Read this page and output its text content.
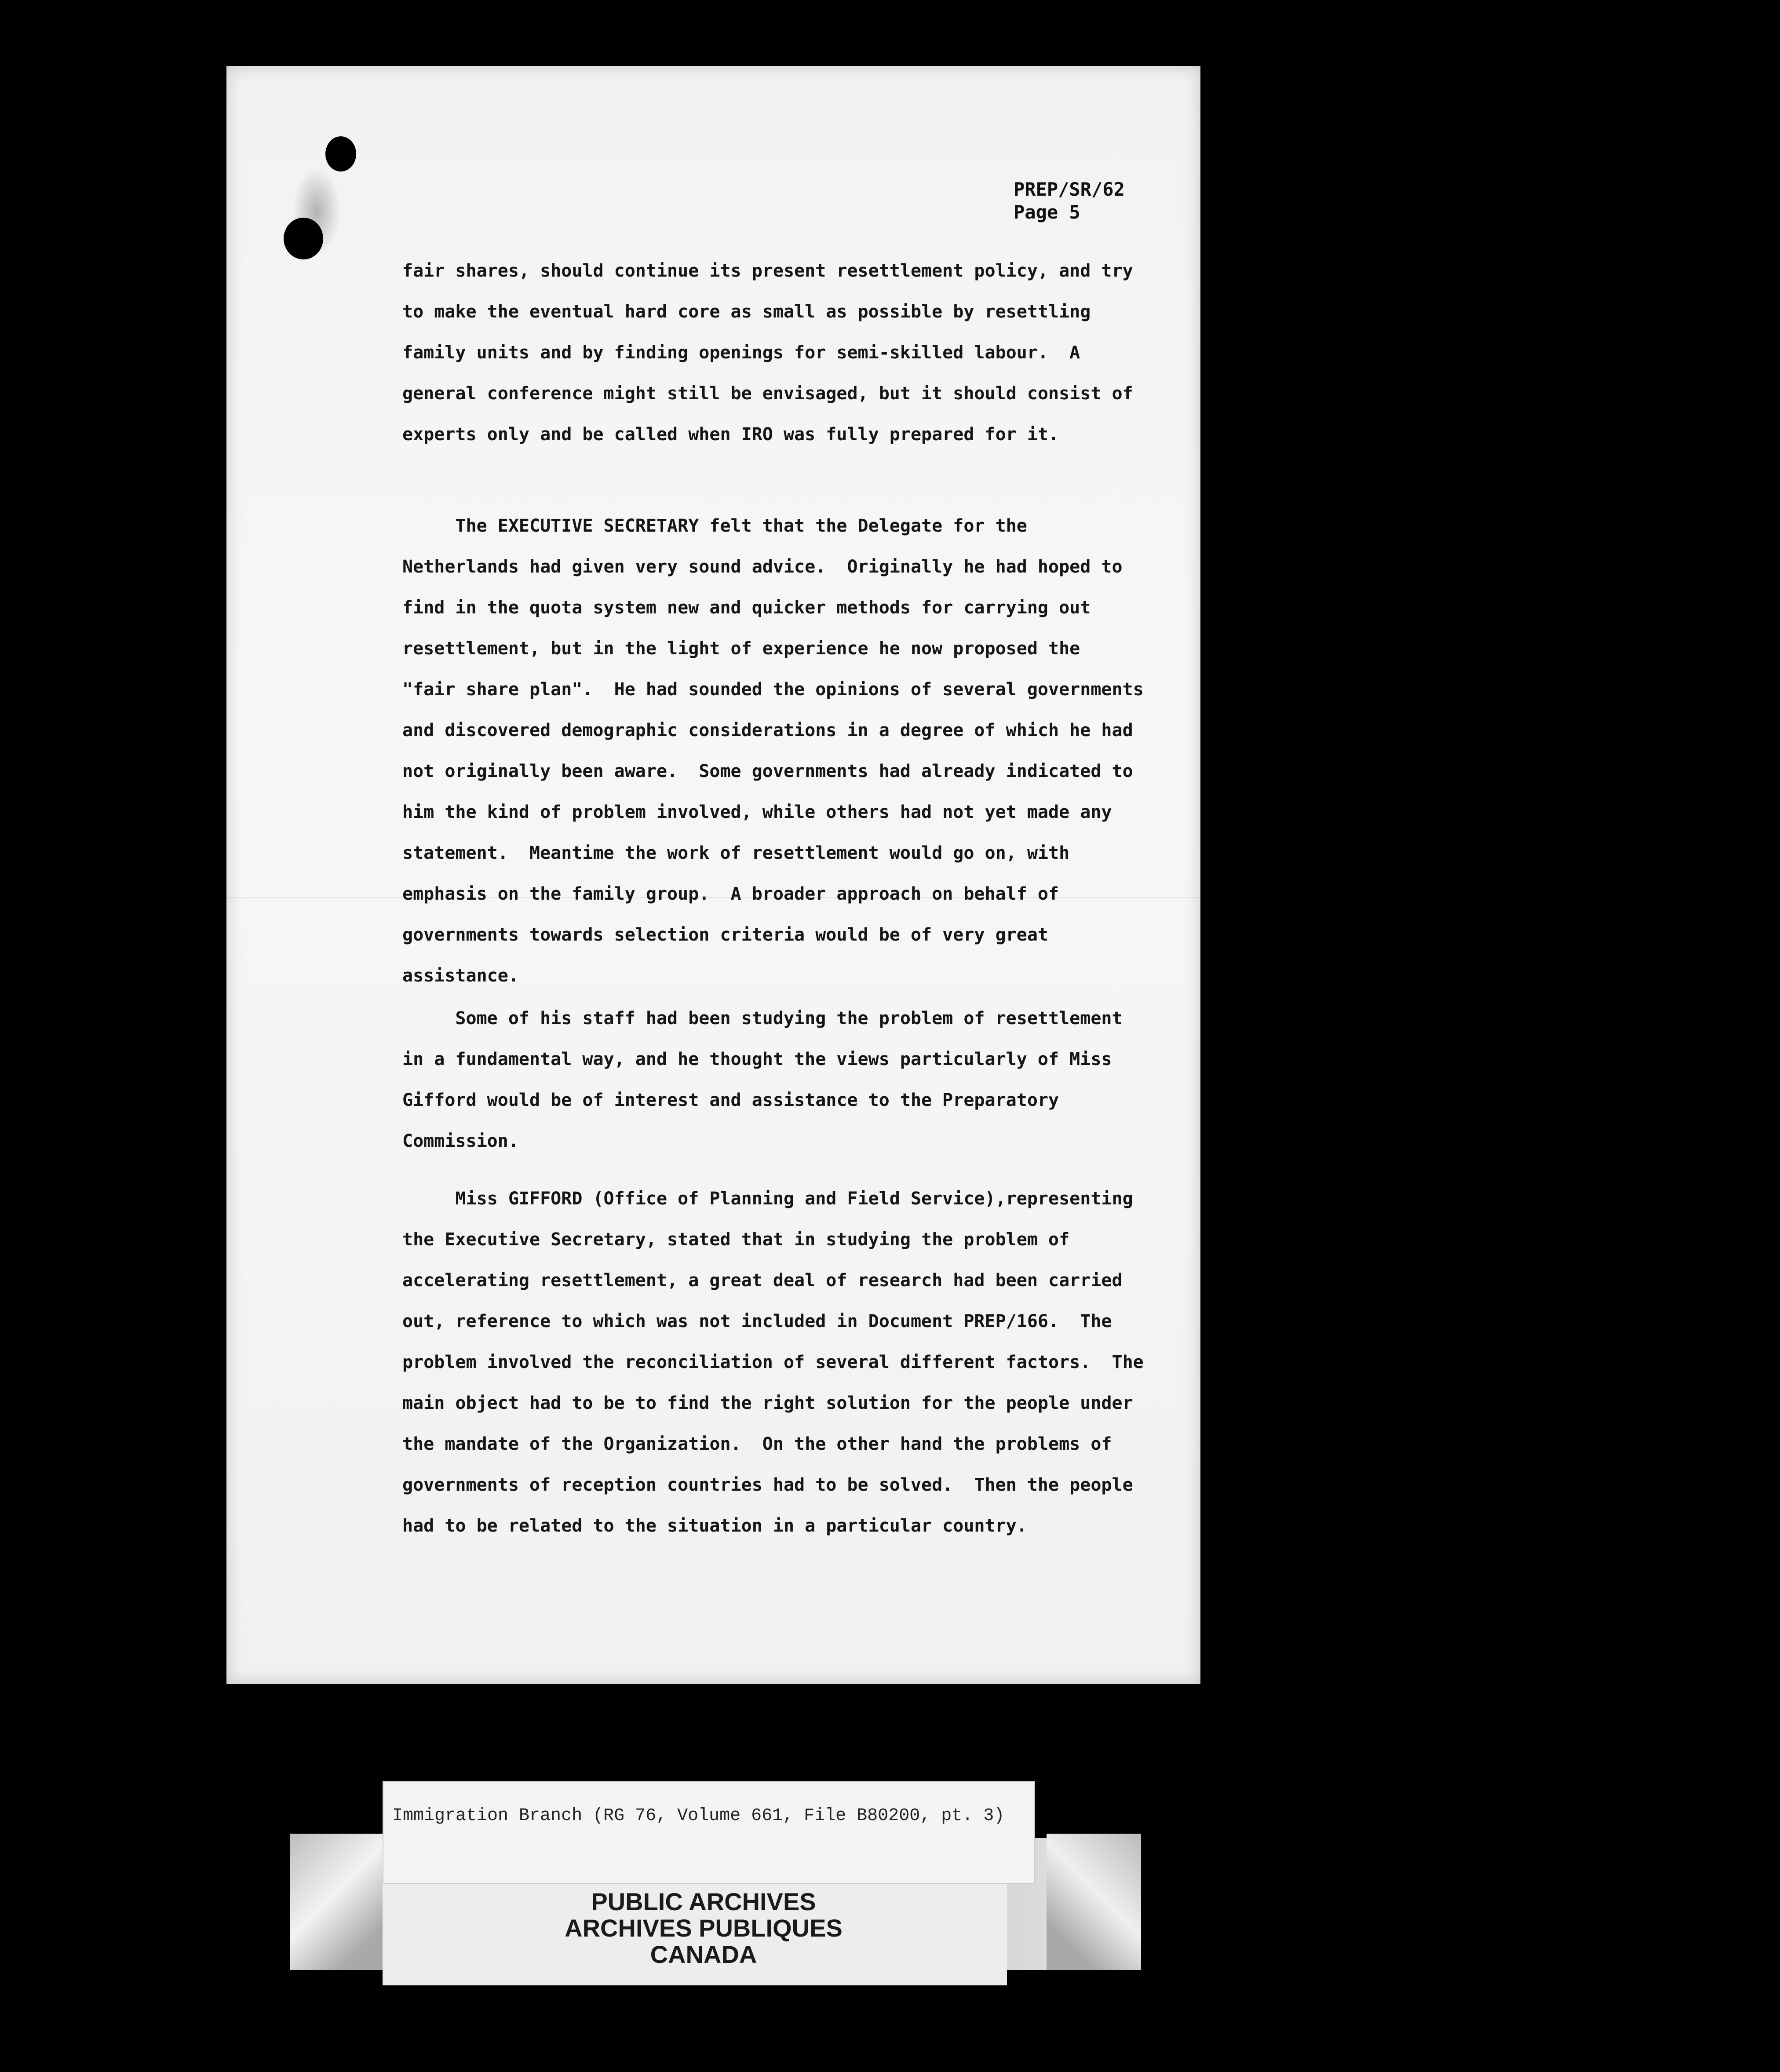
PREP/SR/62
Page 5
fair shares, should continue its present resettlement policy, and try
to make the eventual hard core as small as possible by resettling
family units and by finding openings for semi-skilled labour.  A
general conference might still be envisaged, but it should consist of
experts only and be called when IRO was fully prepared for it.
The EXECUTIVE SECRETARY felt that the Delegate for the
Netherlands had given very sound advice.  Originally he had hoped to
find in the quota system new and quicker methods for carrying out
resettlement, but in the light of experience he now proposed the
"fair share plan".  He had sounded the opinions of several governments
and discovered demographic considerations in a degree of which he had
not originally been aware.  Some governments had already indicated to
him the kind of problem involved, while others had not yet made any
statement.  Meantime the work of resettlement would go on, with
emphasis on the family group.  A broader approach on behalf of
governments towards selection criteria would be of very great
assistance.
Some of his staff had been studying the problem of resettlement
in a fundamental way, and he thought the views particularly of Miss
Gifford would be of interest and assistance to the Preparatory
Commission.
Miss GIFFORD (Office of Planning and Field Service),representing
the Executive Secretary, stated that in studying the problem of
accelerating resettlement, a great deal of research had been carried
out, reference to which was not included in Document PREP/166.  The
problem involved the reconciliation of several different factors.  The
main object had to be to find the right solution for the people under
the mandate of the Organization.  On the other hand the problems of
governments of reception countries had to be solved.  Then the people
had to be related to the situation in a particular country.
Immigration Branch (RG 76, Volume 661, File B80200, pt. 3)
PUBLIC ARCHIVES
ARCHIVES PUBLIQUES
CANADA
